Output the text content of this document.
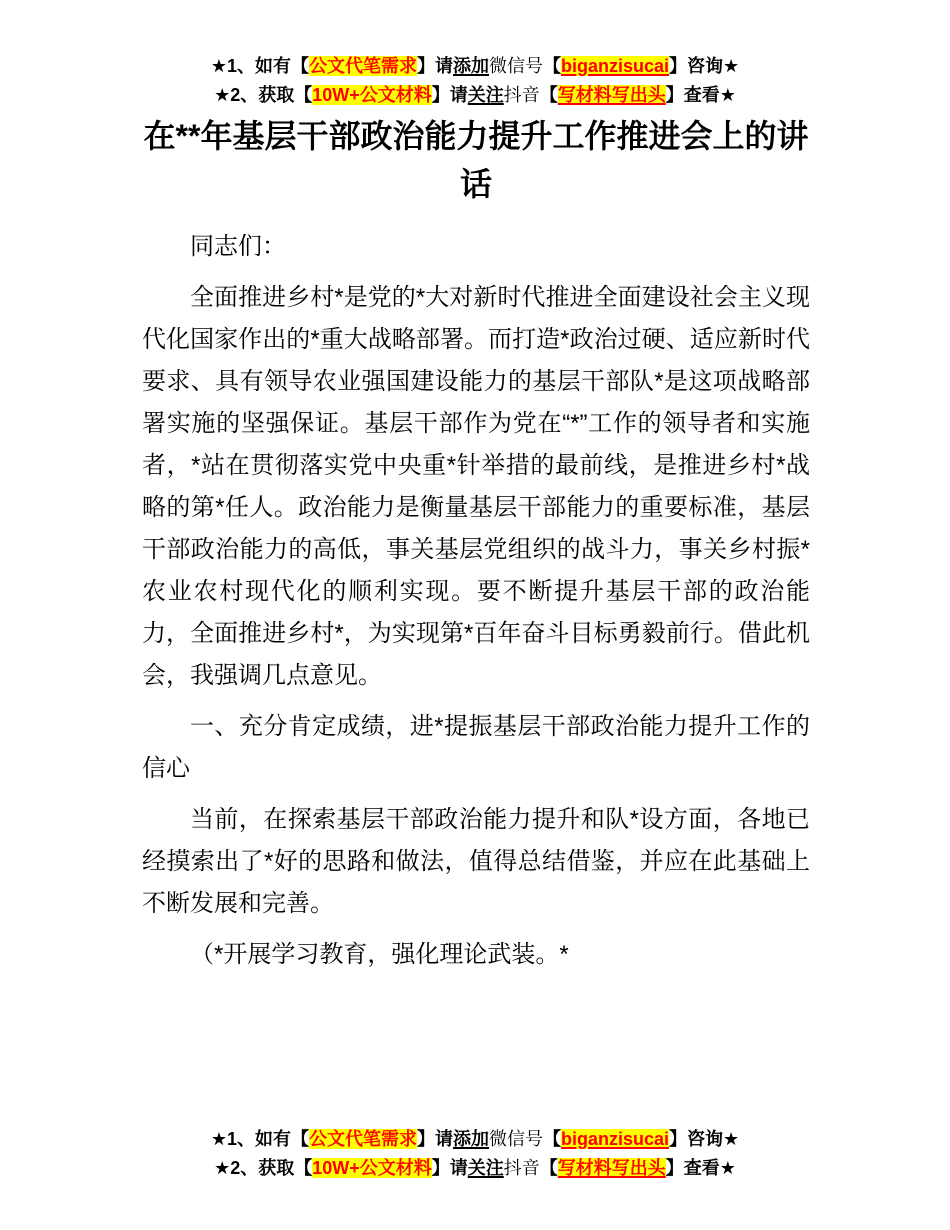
★1、如有【公文代笔需求】请添加微信号【biganzisucai】咨询★
★2、获取【10W+公文材料】请关注抖音【写材料写出头】查看★
在**年基层干部政治能力提升工作推进会上的讲话

同志们：

全面推进乡村*是党的*大对新时代推进全面建设社会主义现代化国家作出的*重大战略部署。而打造*政治过硬、适应新时代要求、具有领导农业强国建设能力的基层干部队*是这项战略部署实施的坚强保证。基层干部作为党在“*”工作的领导者和实施者，*站在贯彻落实党中央重*针举措的最前线，是推进乡村*战略的第*任人。政治能力是衡量基层干部能力的重要标准，基层干部政治能力的高低，事关基层党组织的战斗力，事关乡村振*农业农村现代化的顺利实现。要不断提升基层干部的政治能力，全面推进乡村*，为实现第*百年奋斗目标勇毅前行。借此机会，我强调几点意见。

一、充分肯定成绩，进*提振基层干部政治能力提升工作的信心

当前，在探索基层干部政治能力提升和队*设方面，各地已经摸索出了*好的思路和做法，值得总结借鉴，并应在此基础上不断发展和完善。

（*开展学习教育，强化理论武装。*

★1、如有【公文代笔需求】请添加微信号【biganzisucai】咨询★
★2、获取【10W+公文材料】请关注抖音【写材料写出头】查看★
